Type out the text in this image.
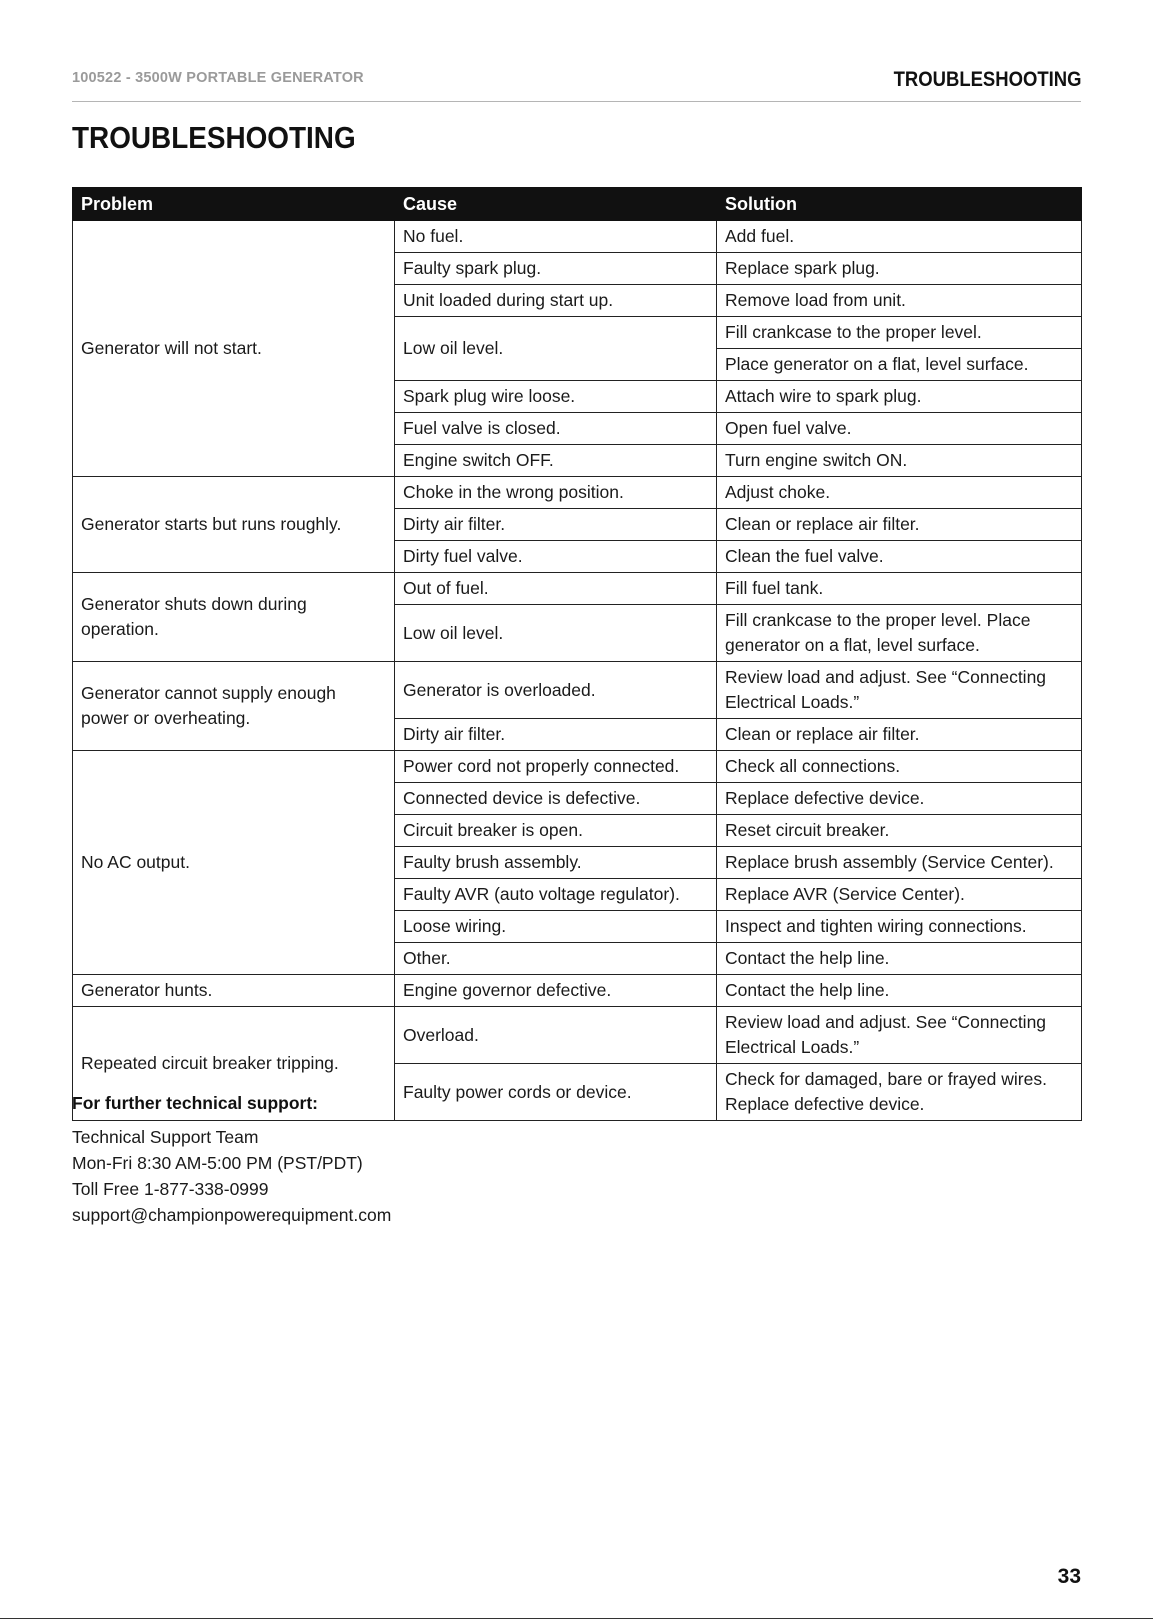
100522 - 3500W PORTABLE GENERATOR	TROUBLESHOOTING
TROUBLESHOOTING
Problem	Cause	Solution
Generator will not start.	No fuel.	Add fuel.
	Faulty spark plug.	Replace spark plug.
	Unit loaded during start up.	Remove load from unit.
	Low oil level.	Fill crankcase to the proper level.
		Place generator on a flat, level surface.
	Spark plug wire loose.	Attach wire to spark plug.
	Fuel valve is closed.	Open fuel valve.
	Engine switch OFF.	Turn engine switch ON.
Generator starts but runs roughly.	Choke in the wrong position.	Adjust choke.
	Dirty air filter.	Clean or replace air filter.
	Dirty fuel valve.	Clean the fuel valve.
Generator shuts down during operation.	Out of fuel.	Fill fuel tank.
	Low oil level.	Fill crankcase to the proper level. Place generator on a flat, level surface.
Generator cannot supply enough power or overheating.	Generator is overloaded.	Review load and adjust. See “Connecting Electrical Loads.”
	Dirty air filter.	Clean or replace air filter.
No AC output.	Power cord not properly connected.	Check all connections.
	Connected device is defective.	Replace defective device.
	Circuit breaker is open.	Reset circuit breaker.
	Faulty brush assembly.	Replace brush assembly (Service Center).
	Faulty AVR (auto voltage regulator).	Replace AVR (Service Center).
	Loose wiring.	Inspect and tighten wiring connections.
	Other.	Contact the help line.
Generator hunts.	Engine governor defective.	Contact the help line.
Repeated circuit breaker tripping.	Overload.	Review load and adjust. See “Connecting Electrical Loads.”
	Faulty power cords or device.	Check for damaged, bare or frayed wires. Replace defective device.
For further technical support:
Technical Support Team
Mon-Fri 8:30 AM-5:00 PM (PST/PDT)
Toll Free 1-877-338-0999
support@championpowerequipment.com
33
